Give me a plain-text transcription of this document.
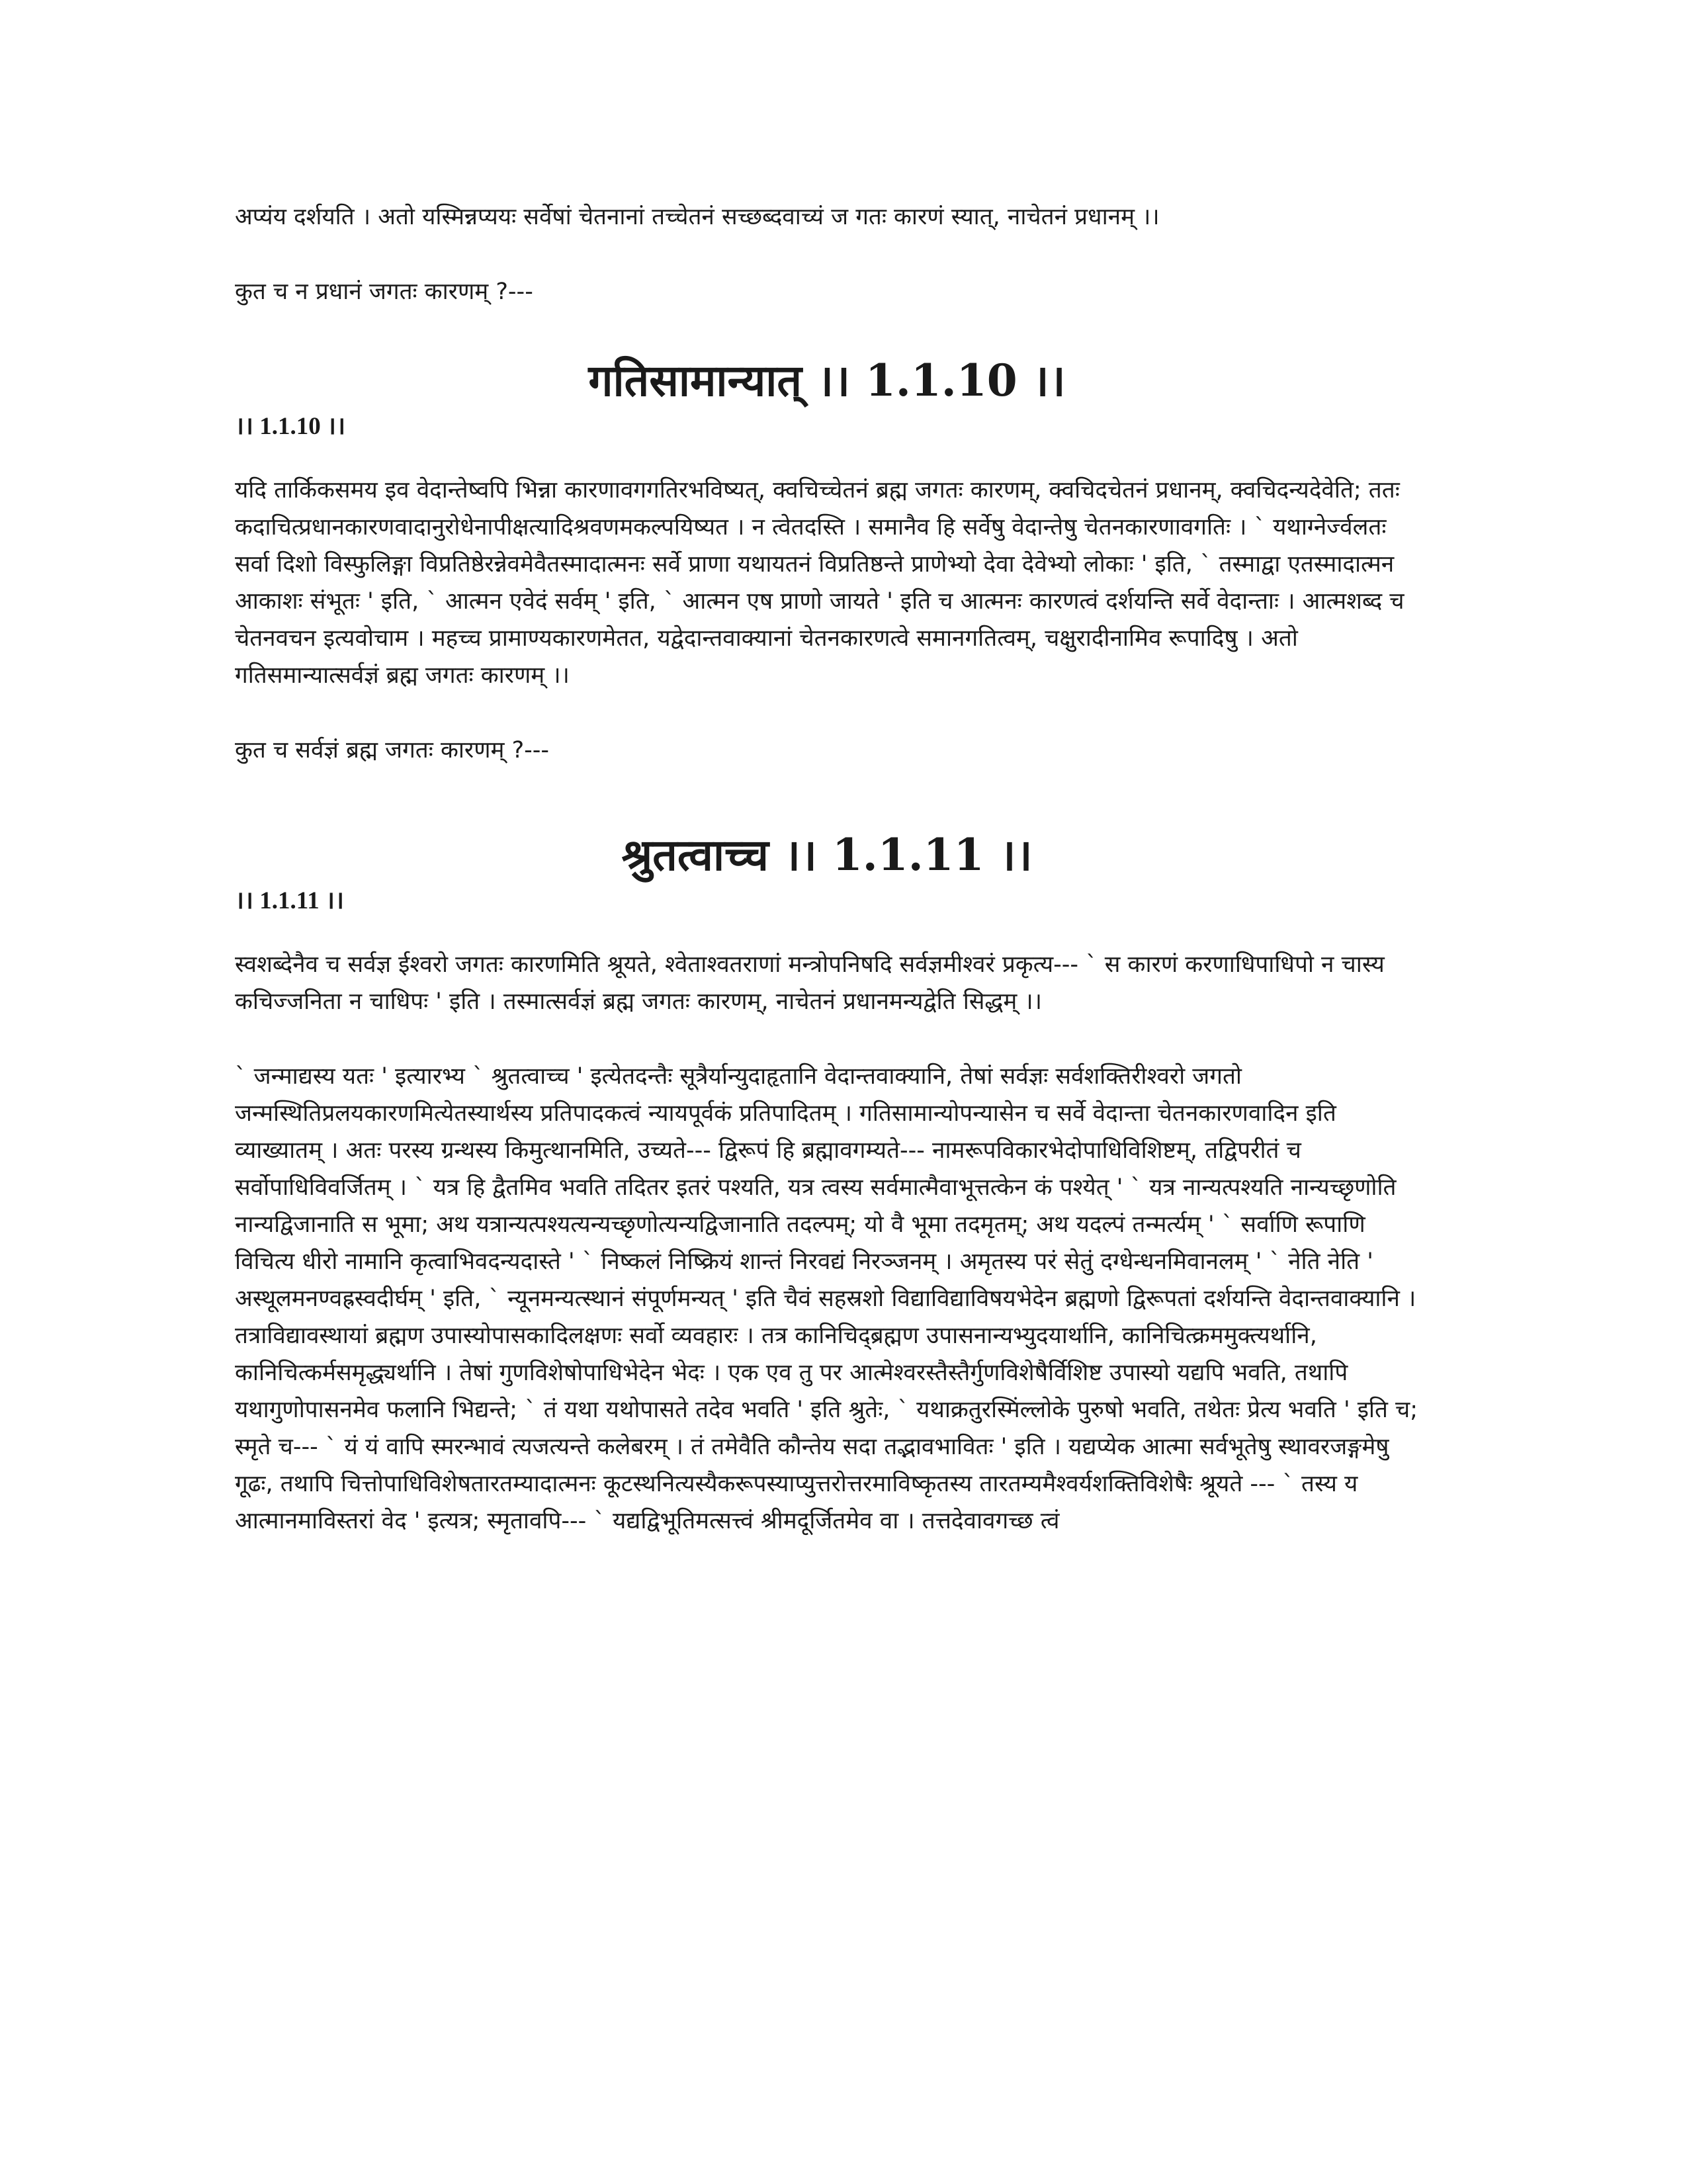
अप्यंय दर्शयति । अतो यस्मिन्नप्ययः सर्वेषां चेतनानां तच्चेतनं सच्छब्दवाच्यं ज गतः कारणं स्यात्, नाचेतनं प्रधानम् ।।

कुत च न प्रधानं जगतः कारणम् ?---

गतिसामान्यात् ।। 1.1.10 ।।

।। 1.1.10 ।।

यदि तार्किकसमय इव वेदान्तेष्वपि भिन्ना कारणावगगतिरभविष्यत्, क्वचिच्चेतनं ब्रह्म जगतः कारणम्, क्वचिदचेतनं प्रधानम्, क्वचिदन्यदेवेति; ततः कदाचित्प्रधानकारणवादानुरोधेनापीक्षत्यादिश्रवणमकल्पयिष्यत । न त्वेतदस्ति । समानैव हि सर्वेषु वेदान्तेषु चेतनकारणावगतिः । ` यथाग्नेर्ज्वलतः सर्वा दिशो विस्फुलिङ्गा विप्रतिष्ठेरन्नेवमेवैतस्मादात्मनः सर्वे प्राणा यथायतनं विप्रतिष्ठन्ते प्राणेभ्यो देवा देवेभ्यो लोकाः ' इति, ` तस्माद्वा एतस्मादात्मन आकाशः संभूतः ' इति, ` आत्मन एवेदं सर्वम् ' इति, ` आत्मन एष प्राणो जायते ' इति च आत्मनः कारणत्वं दर्शयन्ति सर्वे वेदान्ताः । आत्मशब्द च चेतनवचन इत्यवोचाम । महच्च प्रामाण्यकारणमेतत, यद्वेदान्तवाक्यानां चेतनकारणत्वे समानगतित्वम्, चक्षुरादीनामिव रूपादिषु । अतो गतिसमान्यात्सर्वज्ञं ब्रह्म जगतः कारणम् ।।

कुत च सर्वज्ञं ब्रह्म जगतः कारणम् ?---

श्रुतत्वाच्च ।। 1.1.11 ।।

।। 1.1.11 ।।

स्वशब्देनैव च सर्वज्ञ ईश्वरो जगतः कारणमिति श्रूयते, श्वेताश्वतराणां मन्त्रोपनिषदि सर्वज्ञमीश्वरं प्रकृत्य--- ` स कारणं करणाधिपाधिपो न चास्य कचिज्जनिता न चाधिपः ' इति । तस्मात्सर्वज्ञं ब्रह्म जगतः कारणम्, नाचेतनं प्रधानमन्यद्वेति सिद्धम् ।।

` जन्माद्यस्य यतः ' इत्यारभ्य ` श्रुतत्वाच्च ' इत्येतदन्तैः सूत्रैर्यान्युदाहृतानि वेदान्तवाक्यानि, तेषां सर्वज्ञः सर्वशक्तिरीश्वरो जगतो जन्मस्थितिप्रलयकारणमित्येतस्यार्थस्य प्रतिपादकत्वं न्यायपूर्वकं प्रतिपादितम् । गतिसामान्योपन्यासेन च सर्वे वेदान्ता चेतनकारणवादिन इति व्याख्यातम् । अतः परस्य ग्रन्थस्य किमुत्थानमिति, उच्यते--- द्विरूपं हि ब्रह्मावगम्यते--- नामरूपविकारभेदोपाधिविशिष्टम्, तद्विपरीतं च सर्वोपाधिविवर्जितम् । ` यत्र हि द्वैतमिव भवति तदितर इतरं पश्यति, यत्र त्वस्य सर्वमात्मैवाभूत्तत्केन कं पश्येत् ' ` यत्र नान्यत्पश्यति नान्यच्छृणोति नान्यद्विजानाति स भूमा; अथ यत्रान्यत्पश्यत्यन्यच्छृणोत्यन्यद्विजानाति तदल्पम्; यो वै भूमा तदमृतम्; अथ यदल्पं तन्मर्त्यम् ' ` सर्वाणि रूपाणि विचित्य धीरो नामानि कृत्वाभिवदन्यदास्ते ' ` निष्कलं निष्क्रियं शान्तं निरवद्यं निरञ्जनम् । अमृतस्य परं सेतुं दग्धेन्धनमिवानलम् ' ` नेति नेति ' अस्थूलमनण्वह्रस्वदीर्घम् ' इति, ` न्यूनमन्यत्स्थानं संपूर्णमन्यत् ' इति चैवं सहस्रशो विद्याविद्याविषयभेदेन ब्रह्मणो द्विरूपतां दर्शयन्ति वेदान्तवाक्यानि । तत्राविद्यावस्थायां ब्रह्मण उपास्योपासकादिलक्षणः सर्वो व्यवहारः । तत्र कानिचिद्ब्रह्मण उपासनान्यभ्युदयार्थानि, कानिचित्क्रममुक्त्यर्थानि, कानिचित्कर्मसमृद्ध्यर्थानि । तेषां गुणविशेषोपाधिभेदेन भेदः । एक एव तु पर आत्मेश्वरस्तैस्तैर्गुणविशेषैर्विशिष्ट उपास्यो यद्यपि भवति, तथापि यथागुणोपासनमेव फलानि भिद्यन्ते; ` तं यथा यथोपासते तदेव भवति ' इति श्रुतेः, ` यथाक्रतुरस्मिंल्लोके पुरुषो भवति, तथेतः प्रेत्य भवति ' इति च; स्मृते च--- ` यं यं वापि स्मरन्भावं त्यजत्यन्ते कलेबरम् । तं तमेवैति कौन्तेय सदा तद्भावभावितः ' इति । यद्यप्येक आत्मा सर्वभूतेषु स्थावरजङ्गमेषु गूढः, तथापि चित्तोपाधिविशेषतारतम्यादात्मनः कूटस्थनित्यस्यैकरूपस्याप्युत्तरोत्तरमाविष्कृतस्य तारतम्यमैश्वर्यशक्तिविशेषैः श्रूयते --- ` तस्य य आत्मानमाविस्तरां वेद ' इत्यत्र; स्मृतावपि--- ` यद्यद्विभूतिमत्सत्त्वं श्रीमदूर्जितमेव वा । तत्तदेवावगच्छ त्वं
